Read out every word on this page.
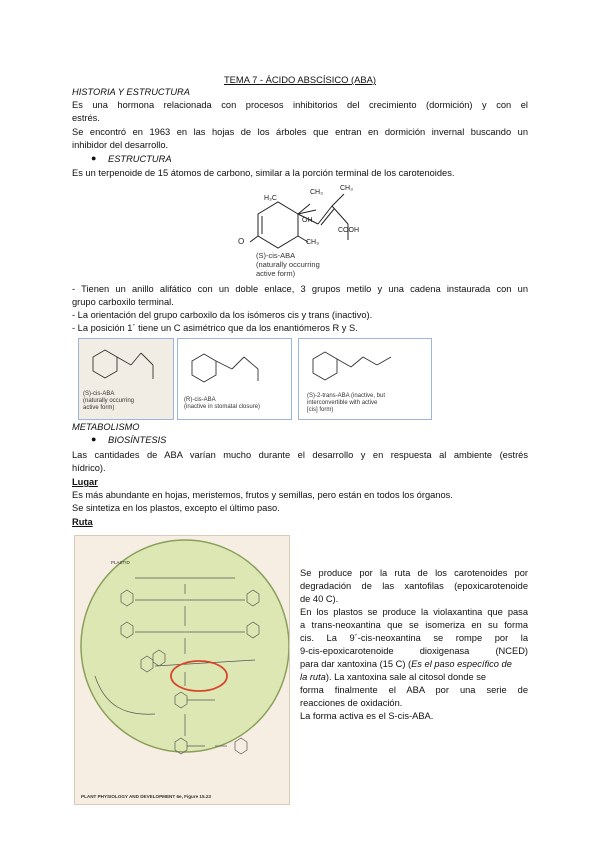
TEMA 7 - ÁCIDO ABSCÍSICO (ABA)
HISTORIA Y ESTRUCTURA
Es una hormona relacionada con procesos inhibitorios del crecimiento (dormición) y con el
estrés.
Se encontró en 1963 en las hojas de los árboles que entran en dormición invernal buscando un
inhibidor del desarrollo.
● ESTRUCTURA
Es un terpenoide de 15 átomos de carbono, similar a la porción terminal de los carotenoides.
O
CH₃
CH₃
H₃C
OH
CH₃
COOH
(S)-cis-ABA
(naturally occurring
active form)
- Tienen un anillo alifático con un doble enlace, 3 grupos metilo y una cadena instaurada con un
grupo carboxilo terminal.
- La orientación del grupo carboxilo da los isómeros cis y trans (inactivo).
- La posición 1´ tiene un C asimétrico que da los enantiómeros R y S.
(S)-cis-ABA
(naturally occurring
active form)
(R)-cis-ABA
(inactive in stomatal closure)
(S)-2-trans-ABA (inactive, but
interconvertible with active
[cis] form)
METABOLISMO
● BIOSÍNTESIS
Las cantidades de ABA varían mucho durante el desarrollo y en respuesta al ambiente (estrés
hídrico).
Lugar
Es más abundante en hojas, meristemos, frutos y semillas, pero están en todos los órganos.
Se sintetiza en los plastos, excepto el último paso.
Ruta
PLASTID
PLANT PHYSIOLOGY AND DEVELOPMENT 6e, Figure 15.23
Se produce por la ruta de los carotenoides por
degradación de las xantofilas (epoxicarotenoide
de 40 C).
En los plastos se produce la violaxantina que pasa
a trans-neoxantina que se isomeriza en su forma
cis. La 9´-cis-neoxantina se rompe por la
9-cis-epoxicarotenoide dioxigenasa (NCED)
para dar xantoxina (15 C) (Es el paso específico de
la ruta). La xantoxina sale al citosol donde se
forma finalmente el ABA por una serie de
reacciones de oxidación.
La forma activa es el S-cis-ABA.
